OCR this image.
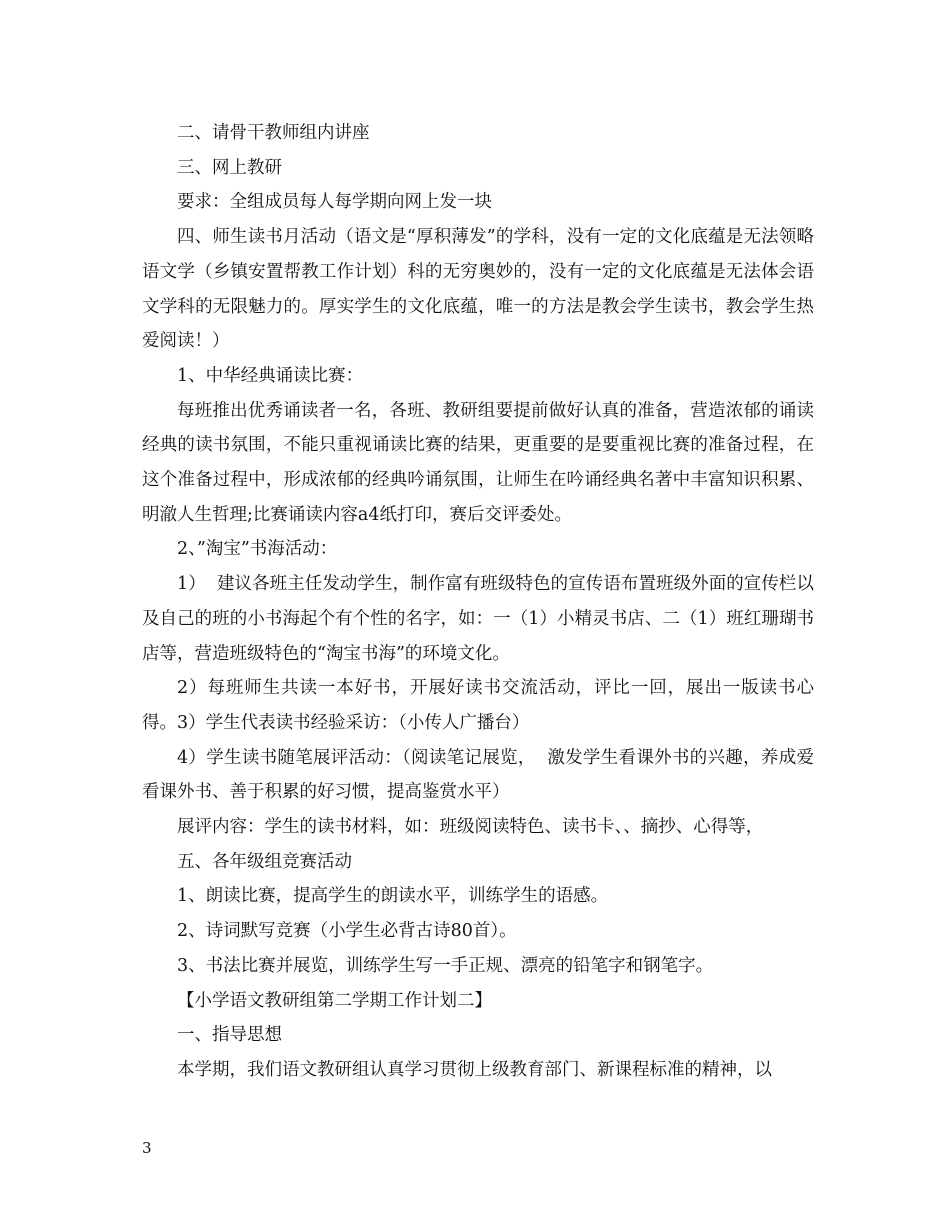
二、请骨干教师组内讲座

三、网上教研

要求：全组成员每人每学期向网上发一块

四、师生读书月活动（语文是“厚积薄发”的学科，没有一定的文化底蕴是无法领略语文学（乡镇安置帮教工作计划）科的无穷奥妙的，没有一定的文化底蕴是无法体会语文学科的无限魅力的。厚实学生的文化底蕴，唯一的方法是教会学生读书，教会学生热爱阅读！）

1、中华经典诵读比赛：

每班推出优秀诵读者一名，各班、教研组要提前做好认真的准备，营造浓郁的诵读经典的读书氛围，不能只重视诵读比赛的结果，更重要的是要重视比赛的准备过程，在这个准备过程中，形成浓郁的经典吟诵氛围，让师生在吟诵经典名著中丰富知识积累、明澈人生哲理;比赛诵读内容a4纸打印，赛后交评委处。

2、”淘宝”书海活动：

1）  建议各班主任发动学生，制作富有班级特色的宣传语布置班级外面的宣传栏以及自己的班的小书海起个有个性的名字，如：一（1）小精灵书店、二（1）班红珊瑚书店等，营造班级特色的“淘宝书海”的环境文化。

2）每班师生共读一本好书，开展好读书交流活动，评比一回，展出一版读书心得。3）学生代表读书经验采访：（小传人广播台）

4）学生读书随笔展评活动：（阅读笔记展览，  激发学生看课外书的兴趣，养成爱看课外书、善于积累的好习惯，提高鉴赏水平）

展评内容：学生的读书材料，如：班级阅读特色、读书卡、、摘抄、心得等，

五、各年级组竞赛活动

1、朗读比赛，提高学生的朗读水平，训练学生的语感。

2、诗词默写竞赛（小学生必背古诗80首）。

3、书法比赛并展览，训练学生写一手正规、漂亮的铅笔字和钢笔字。

【小学语文教研组第二学期工作计划二】

一、指导思想

本学期，我们语文教研组认真学习贯彻上级教育部门、新课程标准的精神，以

3
